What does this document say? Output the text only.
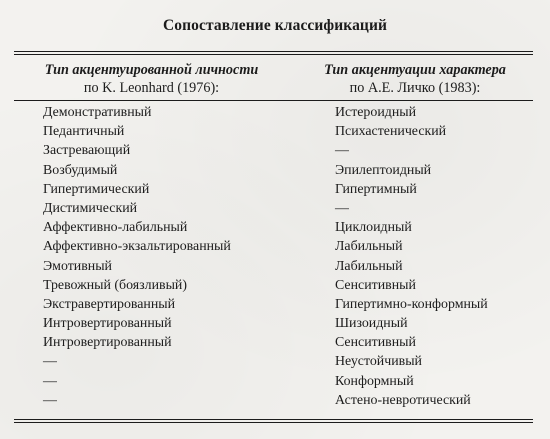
Сопоставление классификаций
Тип акцентуированной личности
по K. Leonhard (1976):
Тип акцентуации характера
по А.Е. Личко (1983):
Демонстративный	Истероидный
Педантичный	Психастенический
Застревающий	—
Возбудимый	Эпилептоидный
Гипертимический	Гипертимный
Дистимический	—
Аффективно-лабильный	Циклоидный
Аффективно-экзальтированный	Лабильный
Эмотивный	Лабильный
Тревожный (боязливый)	Сенситивный
Экстравертированный	Гипертимно-конформный
Интровертированный	Шизоидный
Интровертированный	Сенситивный
—	Неустойчивый
—	Конформный
—	Астено-невротический
